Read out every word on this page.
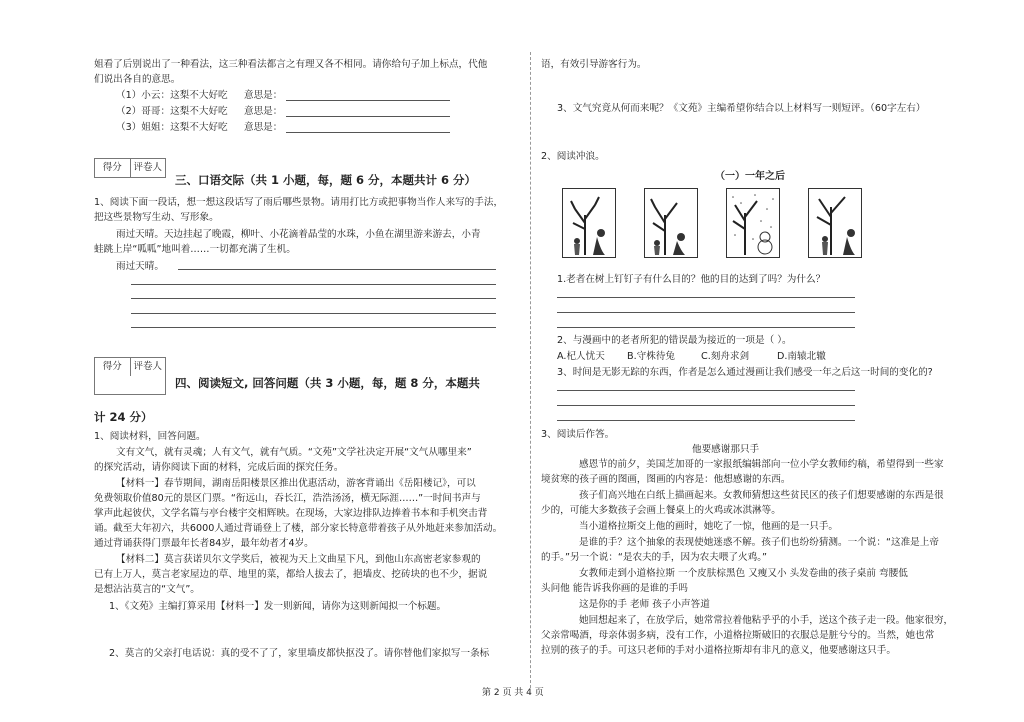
姐看了后别说出了一种看法，这三种看法都言之有理又各不相同。请你给句子加上标点，代他
们说出各自的意思。
（1）小云：这梨不大好吃 意思是：
（2）哥哥：这梨不大好吃 意思是：
（3）姐姐：这梨不大好吃 意思是：
得分	评卷人
三、口语交际（共 1 小题，每，题 6 分，本题共计 6 分）
1、阅读下面一段话，想一想这段话写了雨后哪些景物。请用打比方或把事物当作人来写的手法，
把这些景物写生动、写形象。
雨过天晴。天边挂起了晚霞，柳叶、小花滴着晶莹的水珠，小鱼在湖里游来游去，小青
蛙跳上岸“呱呱”地叫着……一切都充满了生机。
雨过天晴。
得分	评卷人
四、阅读短文, 回答问题（共 3 小题，每，题 8 分，本题共
计 24 分）
1、阅读材料，回答问题。
文有文气，就有灵魂；人有文气，就有气质。“文苑”文学社决定开展“文气从哪里来”
的探究活动，请你阅读下面的材料，完成后面的探究任务。
【材料一】春节期间，湖南岳阳楼景区推出优惠活动，游客背诵出《岳阳楼记》，可以
免费领取价值80元的景区门票。“衔远山，吞长江，浩浩汤汤，横无际涯……”一时间书声与
掌声此起彼伏，文学名篇与亭台楼宇交相辉映。在现场，大家边排队边捧着书本和手机突击背
诵。截至大年初六，共6000人通过背诵登上了楼，部分家长特意带着孩子从外地赶来参加活动。
通过背诵获得门票最年长者84岁，最年幼者才4岁。
【材料二】莫言获诺贝尔文学奖后，被视为天上文曲星下凡，到他山东高密老家参观的
已有上万人，莫言老家屋边的草、地里的菜，都给人拔去了，挹墙皮、挖砖块的也不少，据说
是想沾沾莫言的“文气”。
1、《文苑》主编打算采用【材料一】发一则新闻，请你为这则新闻拟一个标题。
2、莫言的父亲打电话说：真的受不了了，家里墙皮都快抠没了。请你替他们家拟写一条标
语，有效引导游客行为。
3、文气究竟从何而来呢？《文苑》主编希望你结合以上材料写一则短评。（60字左右）
2、阅读冲浪。
（一）一年之后
1.老者在树上钉钉子有什么目的？他的目的达到了吗？为什么？
2、与漫画中的老者所犯的错误最为接近的一项是（ ）。
A.杞人忧天 B.守株待兔	C.刻舟求剑	D.南辕北辙
3、时间是无影无踪的东西，作者是怎么通过漫画让我们感受一年之后这一时间的变化的?
3、阅读后作答。
他要感谢那只手
感恩节的前夕，美国芝加哥的一家报纸编辑部向一位小学女教师约稿，希望得到一些家
境贫寒的孩子画的图画，图画的内容是：他想感谢的东西。
孩子们高兴地在白纸上描画起来。女教师猜想这些贫民区的孩子们想要感谢的东西是很
少的，可能大多数孩子会画上餐桌上的火鸡或冰淇淋等。
当小道格拉斯交上他的画时，她吃了一惊，他画的是一只手。
是谁的手？这个抽象的表现使她迷惑不解。孩子们也纷纷猜测。一个说：“这准是上帝
的手。”另一个说：“是农夫的手，因为农夫喂了火鸡。”
女教师走到小道格拉斯 一个皮肤棕黑色 又瘦又小 头发卷曲的孩子桌前 弯腰低
头问他 能告诉我你画的是谁的手吗
这是你的手 老师 孩子小声答道
她回想起来了，在放学后，她常常拉着他粘乎乎的小手，送这个孩子走一段。他家很穷，
父亲常喝酒，母亲体弱多病，没有工作，小道格拉斯破旧的衣服总是脏兮兮的。当然，她也常
拉别的孩子的手。可这只老师的手对小道格拉斯却有非凡的意义，他要感谢这只手。
第 2 页 共 4 页
